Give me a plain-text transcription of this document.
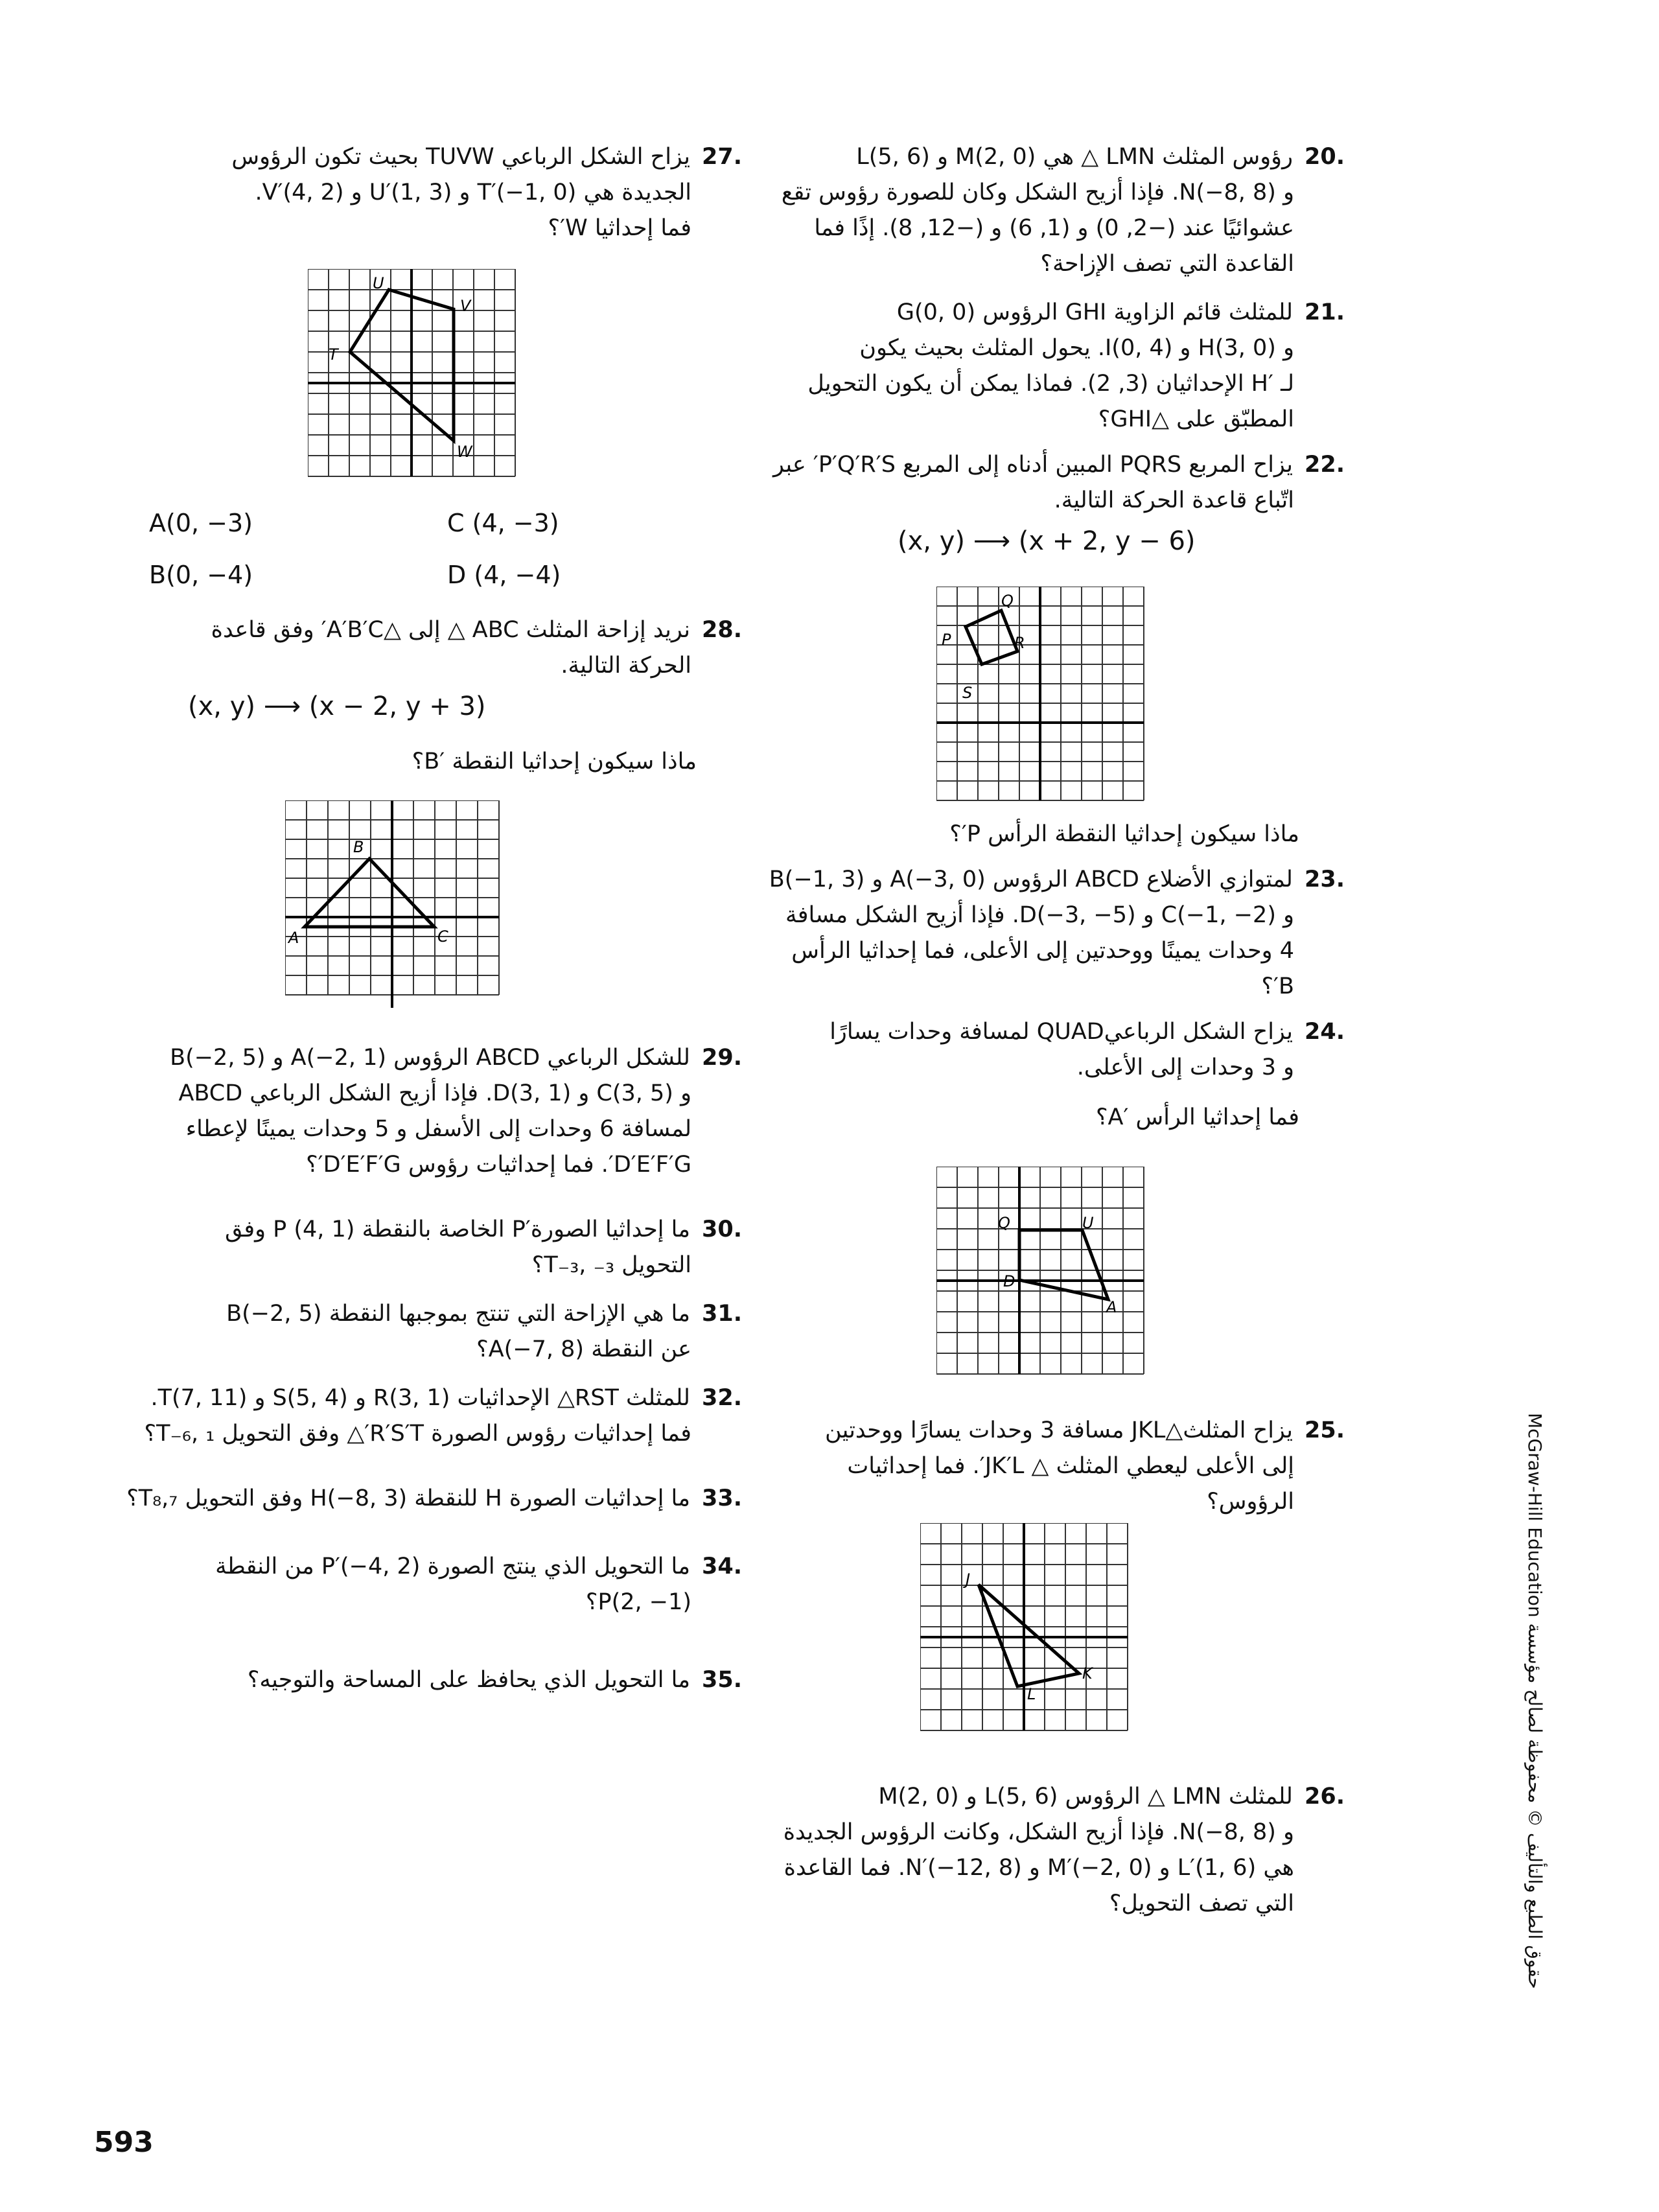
.20رؤوس المثلث LMN △ هي M(2, 0) و L(5, 6)
و N(−8, 8). فإذا أزيح الشكل وكان للصورة رؤوس تقع
عشوائيًا عند (−2, 0) و (1, 6) و (−12, 8). إذًا فما
القاعدة التي تصف الإزاحة؟
.21للمثلث قائم الزاوية GHI الرؤوس G(0, 0)
و H(3, 0) و I(0, 4). يحول المثلث بحيث يكون
لـ ′H الإحداثيان (3, 2). فماذا يمكن أن يكون التحويل
المطبّق على △GHI؟
.22يزاح المربع PQRS المبين أدناه إلى المربع P′Q′R′S′ عبر
اتّباع قاعدة الحركة التالية.
(x, y) ⟶ (x + 2, y − 6)
P
Q
R
S
ماذا سيكون إحداثيا النقطة الرأس P′؟
.23لمتوازي الأضلاع ABCD الرؤوس A(−3, 0) و B(−1, 3)
و C(−1, −2) و D(−3, −5). فإذا أزيح الشكل مسافة
4 وحدات يمينًا ووحدتين إلى الأعلى، فما إحداثيا الرأس
B′؟
.24يزاح الشكل الرباعيQUAD لمسافة وحدات يسارًا
و 3 وحدات إلى الأعلى.
فما إحداثيا الرأس ′A؟
Q	U
D
A
.25يزاح المثلث△JKL مسافة 3 وحدات يسارًا ووحدتين
إلى الأعلى ليعطي المثلث △ JK′L′. فما إحداثيات
الرؤوس؟
J
K
L
.26للمثلث LMN △ الرؤوس L(5, 6) و M(2, 0)
و N(−8, 8). فإذا أزيح الشكل، وكانت الرؤوس الجديدة
هي L′(1, 6) و M′(−2, 0) و N′(−12, 8). فما القاعدة
التي تصف التحويل؟
.27يزاح الشكل الرباعي TUVW بحيث تكون الرؤوس
الجديدة هي T′(−1, 0) و U′(1, 3) و V′(4, 2).
فما إحداثيا W′؟
T
U
V
W
A(0, −3)	C (4, −3)
B(0, −4)	D (4, −4)
.28نريد إزاحة المثلث ABC △ إلى △A′B′C′ وفق قاعدة
الحركة التالية.
(x, y) ⟶ (x − 2, y + 3)
ماذا سيكون إحداثيا النقطة ′B؟
A
B
C
.29للشكل الرباعي ABCD الرؤوس A(−2, 1) و B(−2, 5)
و C(3, 5) و D(3, 1). فإذا أزيح الشكل الرباعي ABCD
لمسافة 6 وحدات إلى الأسفل و 5 وحدات يمينًا لإعطاء
D′E′F′G′. فما إحداثيات رؤوس D′E′F′G′؟
.30ما إحداثيا الصورة′P الخاصة بالنقطة P (4, 1) وفق
التحويل T₋₃, ₋₃؟
.31ما هي الإزاحة التي تنتج بموجبها النقطة B(−2, 5)
عن النقطة A(−7, 8)؟
.32للمثلث RST△ الإحداثيات R(3, 1) و S(5, 4) و T(7, 11).
فما إحداثيات رؤوس الصورة R′S′T′△ وفق التحويل T₋₆, ₁؟
.33ما إحداثيات الصورة H للنقطة H(−8, 3) وفق التحويل T₈,₇؟
.34ما التحويل الذي ينتج الصورة P′(−4, 2) من النقطة
P(2, −1)؟
.35ما التحويل الذي يحافظ على المساحة والتوجيه؟
593
حقوق الطبع والتأليف © محفوظة لصالح مؤسسة McGraw-Hill Education
